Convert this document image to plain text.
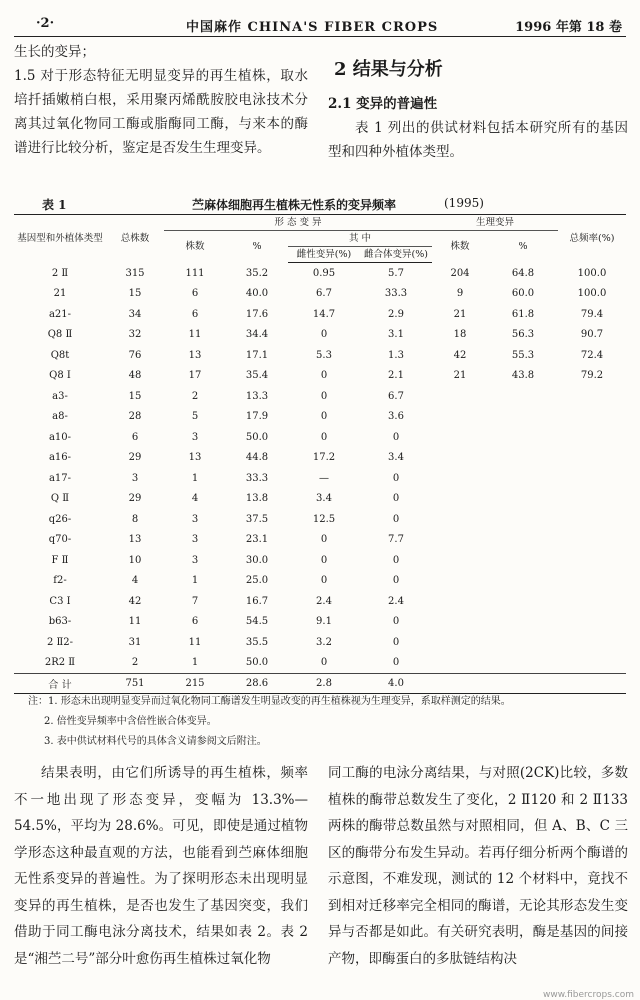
·2·	中国麻作 CHINA'S FIBER CROPS	1996 年第 18 卷

生长的变异；

1.5 对于形态特征无明显变异的再生植株，取水培扦插嫩梢白根，采用聚丙烯酰胺胶电泳技术分离其过氧化物同工酶或脂酶同工酶，与来本的酶谱进行比较分析，鉴定是否发生生理变异。

2 结果与分析

2.1 变异的普遍性

表 1 列出的供试材料包括本研究所有的基因型和四种外植体类型。

表 1	苎麻体细胞再生植株无性系的变异频率	(1995)
基因型和外植体类型	总株数	形 态 变 异				生理变异		总频率(%)
		株数	%	其 中		株数	%	
				雌性变异(%)	雌合体变异(%)			
2 Ⅱ	315	111	35.2	0.95	5.7	204	64.8	100.0
21	15	6	40.0	6.7	33.3	9	60.0	100.0
a21-	34	6	17.6	14.7	2.9	21	61.8	79.4
Q8 Ⅱ	32	11	34.4	0	3.1	18	56.3	90.7
Q8t	76	13	17.1	5.3	1.3	42	55.3	72.4
Q8 Ⅰ	48	17	35.4	0	2.1	21	43.8	79.2
a3-	15	2	13.3	0	6.7			
a8-	28	5	17.9	0	3.6			
a10-	6	3	50.0	0	0			
a16-	29	13	44.8	17.2	3.4			
a17-	3	1	33.3	—	0			
Q Ⅱ	29	4	13.8	3.4	0			
q26-	8	3	37.5	12.5	0			
q70-	13	3	23.1	0	7.7			
F Ⅱ	10	3	30.0	0	0			
f2-	4	1	25.0	0	0			
C3 Ⅰ	42	7	16.7	2.4	2.4			
b63-	11	6	54.5	9.1	0			
2 Ⅱ2-	31	11	35.5	3.2	0			
2R2 Ⅱ	2	1	50.0	0	0			
合 计	751	215	28.6	2.8	4.0			
注：1. 形态未出现明显变异而过氧化物同工酶谱发生明显改变的再生植株视为生理变异，系取样测定的结果。
2. 倍性变异频率中含倍性嵌合体变异。
3. 表中供试材料代号的具体含义请参阅文后附注。
结果表明，由它们所诱导的再生植株，频率不一地出现了形态变异，变幅为 13.3%—54.5%，平均为 28.6%。可见，即使是通过植物学形态这种最直观的方法，也能看到苎麻体细胞无性系变异的普遍性。为了探明形态未出现明显变异的再生植株，是否也发生了基因突变，我们借助于同工酶电泳分离技术，结果如表 2。表 2 是“湘苎二号”部分叶愈伤再生植株过氧化物
同工酶的电泳分离结果，与对照(2CK)比较，多数植株的酶带总数发生了变化，2 Ⅱ120 和 2 Ⅱ133 两株的酶带总数虽然与对照相同，但 A、B、C 三区的酶带分布发生异动。若再仔细分析两个酶谱的示意图，不难发现，测试的 12 个材料中，竟找不到相对迁移率完全相同的酶谱，无论其形态发生变异与否都是如此。有关研究表明，酶是基因的间接产物，即酶蛋白的多肽链结构决
www.fibercrops.com
